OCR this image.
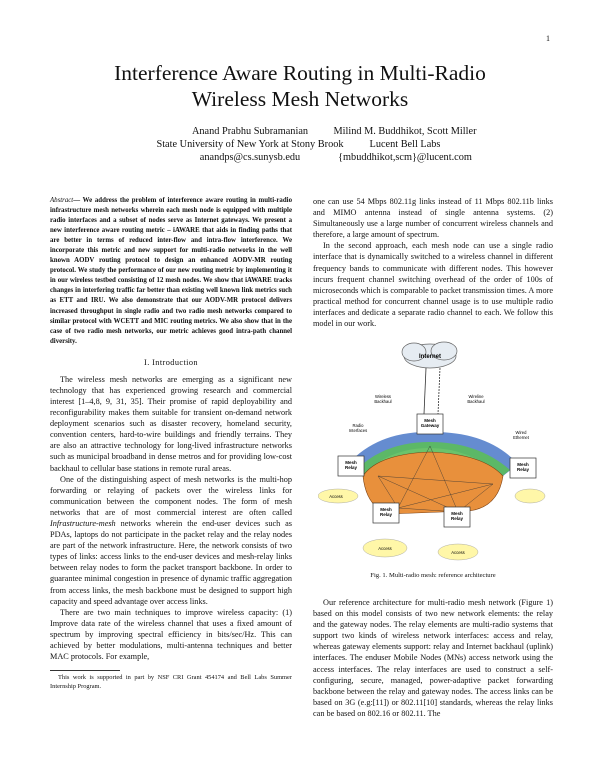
1
Interference Aware Routing in Multi-Radio
Wireless Mesh Networks
Anand Prabhu Subramanian
State University of New York at Stony Brook
anandps@cs.sunysb.edu
Milind M. Buddhikot, Scott Miller
Lucent Bell Labs
{mbuddhikot,scm}@lucent.com
Abstract— We address the problem of interference aware routing in multi-radio infrastructure mesh networks wherein each mesh node is equipped with multiple radio interfaces and a subset of nodes serve as Internet gateways. We present a new interference aware routing metric – iAWARE that aids in finding paths that are better in terms of reduced inter-flow and intra-flow interference. We incorporate this metric and new support for multi-radio networks in the well known AODV routing protocol to design an enhanced AODV-MR routing protocol. We study the performance of our new routing metric by implementing it in our wireless testbed consisting of 12 mesh nodes. We show that iAWARE tracks changes in interfering traffic far better than existing well known link metrics such as ETT and IRU. We also demonstrate that our AODV-MR protocol delivers increased throughput in single radio and two radio mesh networks compared to similar protocol with WCETT and MIC routing metrics. We also show that in the case of two radio mesh networks, our metric achieves good intra-path channel diversity.
I. Introduction

The wireless mesh networks are emerging as a significant new technology that has experienced growing research and commercial interest [1–4,8, 9, 31, 35]. Their promise of rapid deployability and reconfigurability makes them suitable for transient on-demand network deployment scenarios such as disaster recovery, homeland security, convention centers, hard-to-wire buildings and friendly terrains. They are also an attractive technology for long-lived infrastructure networks such as municipal broadband in dense metros and for providing low-cost backhaul to cellular base stations in remote rural areas.

One of the distinguishing aspect of mesh networks is the multi-hop forwarding or relaying of packets over the wireless links for communication between the component nodes. The form of mesh networks that are of most commercial interest are often called Infrastructure-mesh networks wherein the end-user devices such as PDAs, laptops do not participate in the packet relay and the relay nodes are part of the network infrastructure. Here, the network consists of two types of links: access links to the end-user devices and mesh-relay links between relay nodes to form the packet transport backbone. In order to guarantee minimal congestion in presence of dynamic traffic aggregation from access links, the mesh backbone must be designed to support high capacity and speed advantage over access links.

There are two main techniques to improve wireless capacity: (1) Improve data rate of the wireless channel that uses a fixed amount of spectrum by improving spectral efficiency in bits/sec/Hz. This can achieved by better modulations, multi-antenna techniques and better MAC protocols. For example,

This work is supported in part by NSF CRI Grant 454174 and Bell Labs Summer Internship Program.

one can use 54 Mbps 802.11g links instead of 11 Mbps 802.11b links and MIMO antenna instead of single antenna systems. (2) Simultaneously use a large number of concurrent wireless channels and therefore, a large amount of spectrum.

In the second approach, each mesh node can use a single radio interface that is dynamically switched to a wireless channel in different frequency bands to communicate with different nodes. This however incurs frequent channel switching overhead of the order of 100s of microseconds which is comparable to packet transmission times. A more practical method for concurrent channel usage is to use multiple radio interfaces and dedicate a separate radio channel to each. We follow this model in our work.

Internet
Wireless Backhaul
Wireline Backhaul
Radio Interfaces	Wired Ethernet
Mesh Gateway
Mesh Relay
Mesh Relay
Mesh Relay	Mesh Relay
Access
Access
Access
Fig. 1. Multi-radio mesh: reference architecture

Our reference architecture for multi-radio mesh network (Figure 1) based on this model consists of two new network elements: the relay and the gateway nodes. The relay elements are multi-radio systems that support two kinds of wireless network interfaces: access and relay, whereas gateway elements support: relay and Internet backhaul (uplink) interfaces. The enduser Mobile Nodes (MNs) access network using the access interfaces. The relay interfaces are used to construct a self-configuring, secure, managed, power-adaptive packet forwarding backbone between the relay and gateway nodes. The access links can be based on 3G (e.g:[11]) or 802.11[10] standards, whereas the relay links can be based on 802.16 or 802.11. The
